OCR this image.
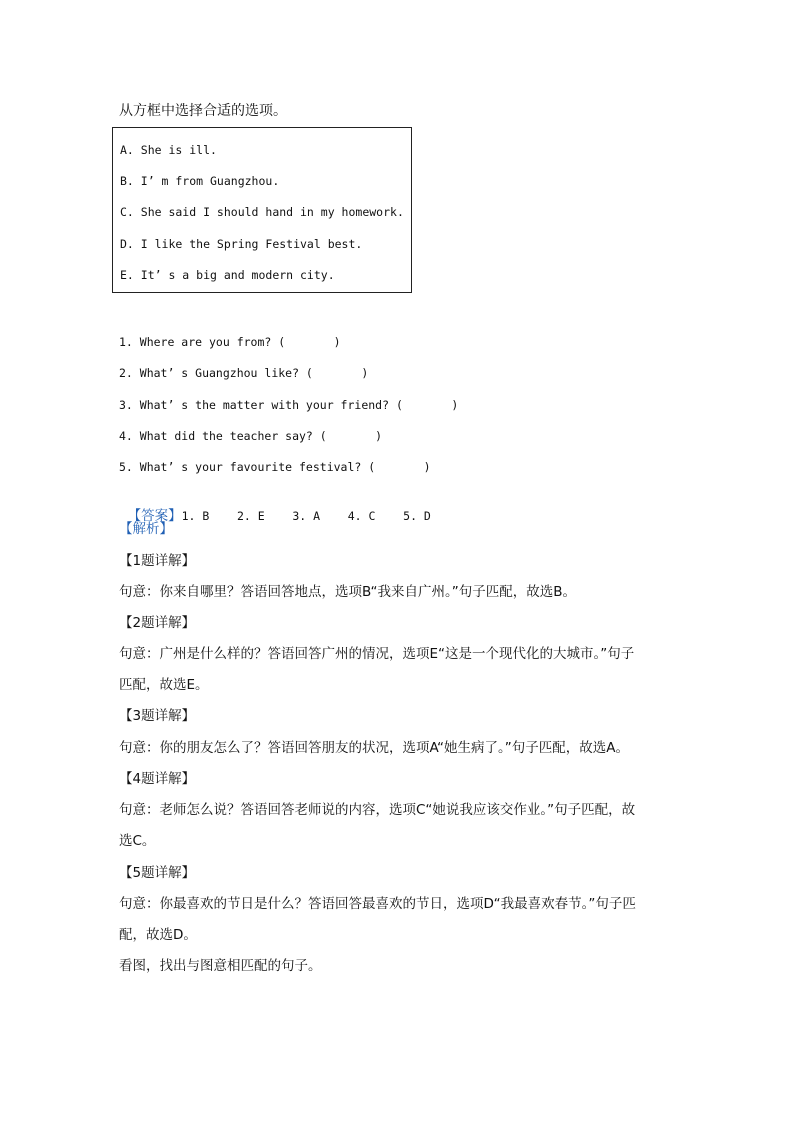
从方框中选择合适的选项。
A. She is ill.
B. I’ m from Guangzhou.
C. She said I should hand in my homework.
D. I like the Spring Festival best.
E. It’ s a big and modern city.
1. Where are you from? (       )
2. What’ s Guangzhou like? (       )
3. What’ s the matter with your friend? (       )
4. What did the teacher say? (       )
5. What’ s your favourite festival? (       )

【答案】1. B    2. E    3. A    4. C    5. D

【解析】
【1题详解】
句意：你来自哪里？答语回答地点，选项B“我来自广州。”句子匹配，故选B。
【2题详解】
句意：广州是什么样的？答语回答广州的情况，选项E“这是一个现代化的大城市。”句子
匹配，故选E。
【3题详解】
句意：你的朋友怎么了？答语回答朋友的状况，选项A“她生病了。”句子匹配，故选A。
【4题详解】
句意：老师怎么说？答语回答老师说的内容，选项C“她说我应该交作业。”句子匹配，故
选C。
【5题详解】
句意：你最喜欢的节日是什么？答语回答最喜欢的节日，选项D“我最喜欢春节。”句子匹
配，故选D。
看图，找出与图意相匹配的句子。
